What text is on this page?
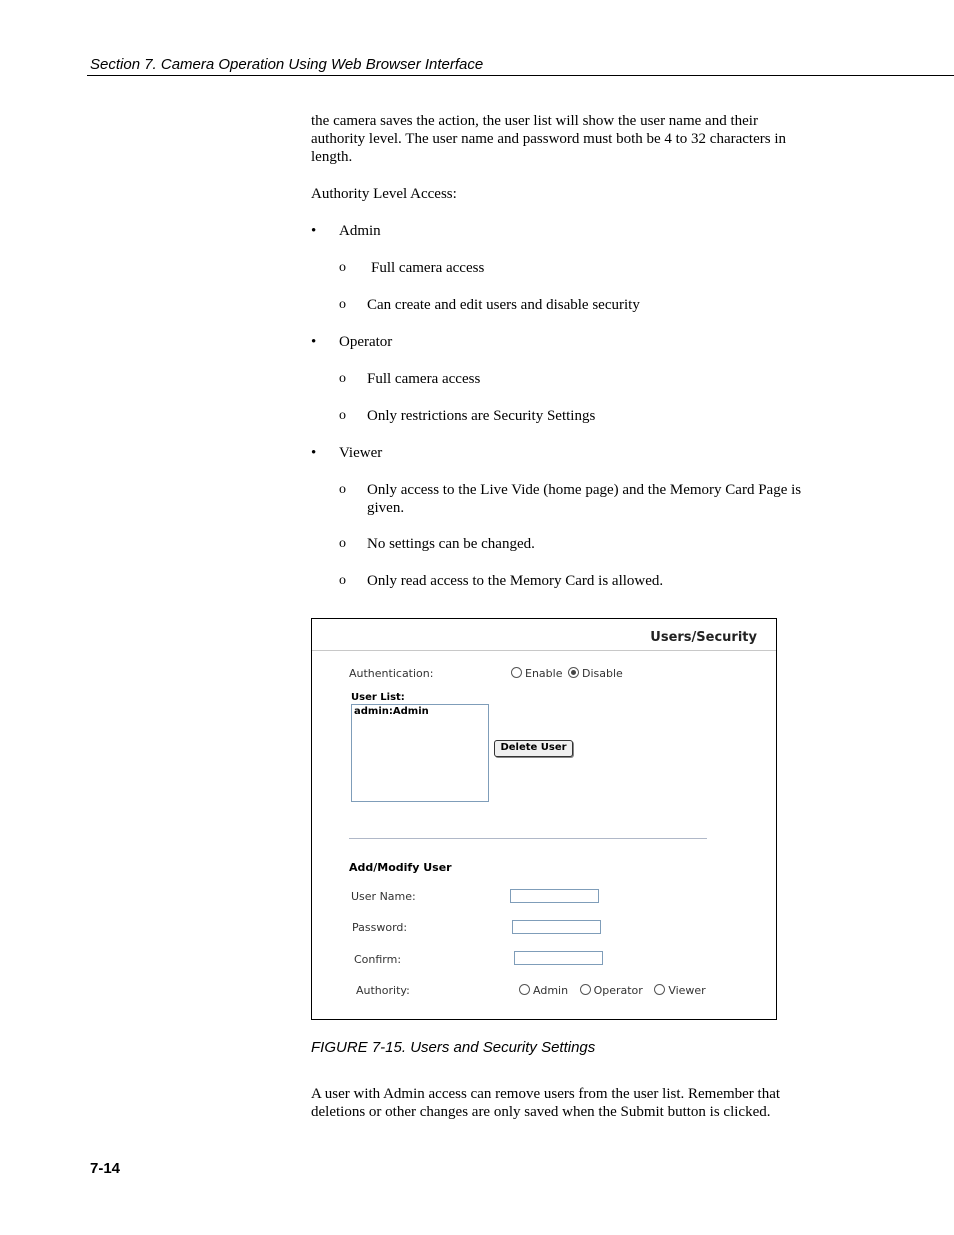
Section 7. Camera Operation Using Web Browser Interface
the camera saves the action, the user list will show the user name and their authority level. The user name and password must both be 4 to 32 characters in length.
Authority Level Access:
• Admin
o Full camera access
o Can create and edit users and disable security
• Operator
o Full camera access
o Only restrictions are Security Settings
• Viewer
o Only access to the Live Vide (home page) and the Memory Card Page is given.
o No settings can be changed.
o Only read access to the Memory Card is allowed.
Users/Security
Authentication:	Enable Disable
User List:
admin:Admin
Delete User
Add/Modify User
User Name:
Password:
Confirm:
Authority:	Admin Operator Viewer
FIGURE 7-15. Users and Security Settings
A user with Admin access can remove users from the user list. Remember that deletions or other changes are only saved when the Submit button is clicked.
7-14
